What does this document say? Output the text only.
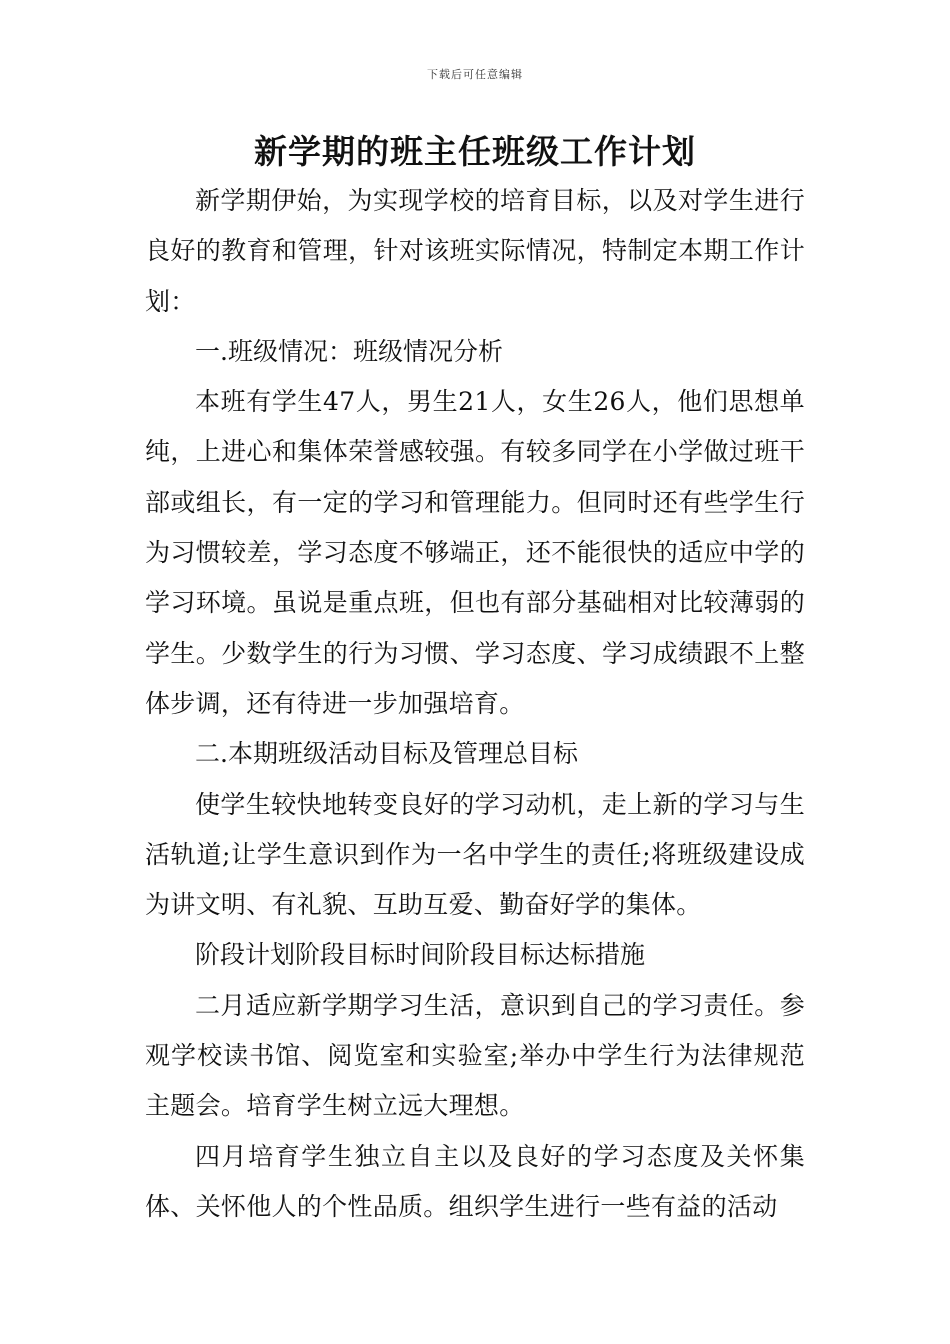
下载后可任意编辑
新学期的班主任班级工作计划

新学期伊始，为实现学校的培育目标，以及对学生进行良好的教育和管理，针对该班实际情况，特制定本期工作计划：

一.班级情况：班级情况分析

本班有学生47人，男生21人，女生26人，他们思想单纯，上进心和集体荣誉感较强。有较多同学在小学做过班干部或组长，有一定的学习和管理能力。但同时还有些学生行为习惯较差，学习态度不够端正，还不能很快的适应中学的学习环境。虽说是重点班，但也有部分基础相对比较薄弱的学生。少数学生的行为习惯、学习态度、学习成绩跟不上整体步调，还有待进一步加强培育。

二.本期班级活动目标及管理总目标

使学生较快地转变良好的学习动机，走上新的学习与生活轨道;让学生意识到作为一名中学生的责任;将班级建设成为讲文明、有礼貌、互助互爱、勤奋好学的集体。

阶段计划阶段目标时间阶段目标达标措施

二月适应新学期学习生活，意识到自己的学习责任。参观学校读书馆、阅览室和实验室;举办中学生行为法律规范主题会。培育学生树立远大理想。

四月培育学生独立自主以及良好的学习态度及关怀集体、关怀他人的个性品质。组织学生进行一些有益的活动
